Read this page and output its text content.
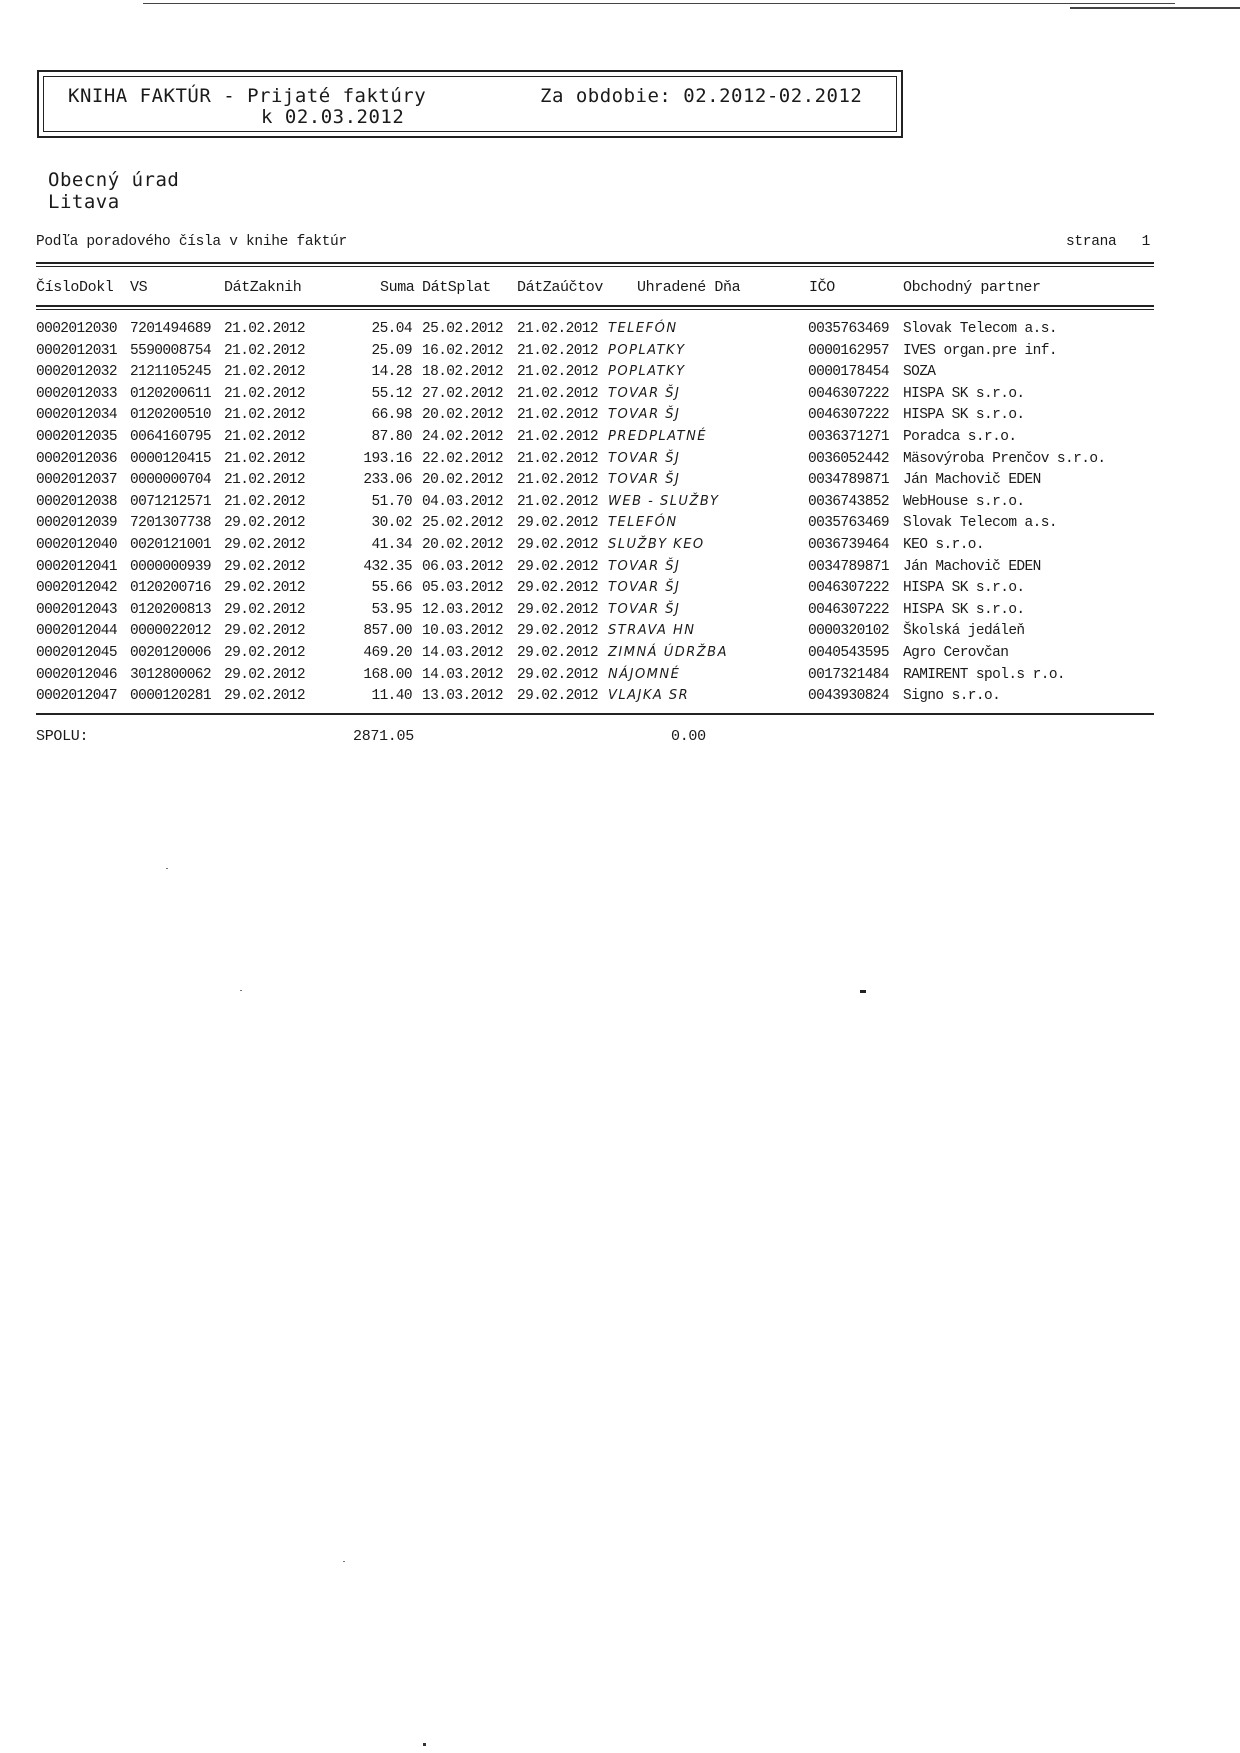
KNIHA FAKTÚR - Prijaté faktúry
k 02.03.2012
Za obdobie: 02.2012-02.2012
Obecný úrad
Litava
Podľa poradového čísla v knihe faktúr	strana 1
ČísloDokl VS	DátZaknih	Suma DátSplat DátZaúčtov Uhradené Dňa	IČO	Obchodný partner
0002012030 7201494689 21.02.2012	25.04 25.02.2012 21.02.2012 TELEFÓN	0035763469 Slovak Telecom a.s.
0002012031 5590008754 21.02.2012	25.09 16.02.2012 21.02.2012 POPLATKY	0000162957 IVES organ.pre inf.
0002012032 2121105245 21.02.2012	14.28 18.02.2012 21.02.2012 POPLATKY	0000178454 SOZA
0002012033 0120200611 21.02.2012	55.12 27.02.2012 21.02.2012 TOVAR ŠJ	0046307222 HISPA SK s.r.o.
0002012034 0120200510 21.02.2012	66.98 20.02.2012 21.02.2012 TOVAR ŠJ	0046307222 HISPA SK s.r.o.
0002012035 0064160795 21.02.2012	87.80 24.02.2012 21.02.2012 PREDPLATNÉ	0036371271 Poradca s.r.o.
0002012036 0000120415 21.02.2012	193.16 22.02.2012 21.02.2012 TOVAR ŠJ	0036052442 Mäsovýroba Prenčov s.r.o.
0002012037 0000000704 21.02.2012	233.06 20.02.2012 21.02.2012 TOVAR ŠJ	0034789871 Ján Machovič EDEN
0002012038 0071212571 21.02.2012	51.70 04.03.2012 21.02.2012 WEB - SLUŽBY	0036743852 WebHouse s.r.o.
0002012039 7201307738 29.02.2012	30.02 25.02.2012 29.02.2012 TELEFÓN	0035763469 Slovak Telecom a.s.
0002012040 0020121001 29.02.2012	41.34 20.02.2012 29.02.2012 SLUŽBY KEO	0036739464 KEO s.r.o.
0002012041 0000000939 29.02.2012	432.35 06.03.2012 29.02.2012 TOVAR ŠJ	0034789871 Ján Machovič EDEN
0002012042 0120200716 29.02.2012	55.66 05.03.2012 29.02.2012 TOVAR ŠJ	0046307222 HISPA SK s.r.o.
0002012043 0120200813 29.02.2012	53.95 12.03.2012 29.02.2012 TOVAR ŠJ	0046307222 HISPA SK s.r.o.
0002012044 0000022012 29.02.2012	857.00 10.03.2012 29.02.2012 STRAVA HN	0000320102 Školská jedáleň
0002012045 0020120006 29.02.2012	469.20 14.03.2012 29.02.2012 ZIMNÁ ÚDRŽBA	0040543595 Agro Cerovčan
0002012046 3012800062 29.02.2012	168.00 14.03.2012 29.02.2012 NÁJOMNÉ	0017321484 RAMIRENT spol.s r.o.
0002012047 0000120281 29.02.2012	11.40 13.03.2012 29.02.2012 VLAJKA SR	0043930824 Signo s.r.o.
SPOLU:	2871.05	0.00
